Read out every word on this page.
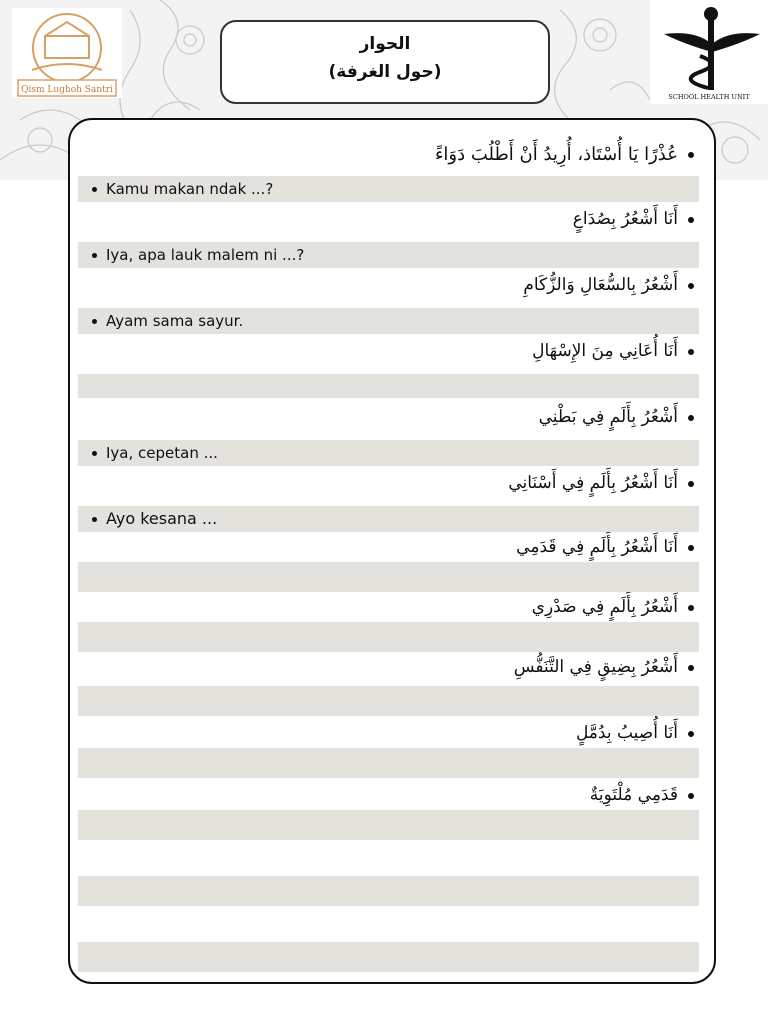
Qism Lughoh Santri
SCHOOL HEALTH UNIT
الحوار
(حول الغرفة)
عُذْرًا يَا أُسْتَاذ، أُرِيدُ أَنْ أَطْلُبَ دَوَاءً
أَنَا أَشْعُرُ بِصُدَاعٍ
أَشْعُرُ بِالسُّعَالِ وَالزُّكَامِ
أَنَا أُعَانِي مِنَ الإِسْهَالِ
أَشْعُرُ بِأَلَمٍ فِي بَطْنِي
أَنَا أَشْعُرُ بِأَلَمٍ فِي أَسْنَانِي
أَنَا أَشْعُرُ بِأَلَمٍ فِي قَدَمِي
أَشْعُرُ بِأَلَمٍ فِي صَدْرِي
أَشْعُرُ بِضِيقٍ فِي التَّنَفُّسِ
أَنَا أُصِيبُ بِدُمَّلٍ
قَدَمِي مُلْتَوِيَةٌ
Kamu makan ndak ...?
Iya, apa lauk malem ni ...?
Ayam sama sayur.
Iya, cepetan ...
Ayo kesana ...
